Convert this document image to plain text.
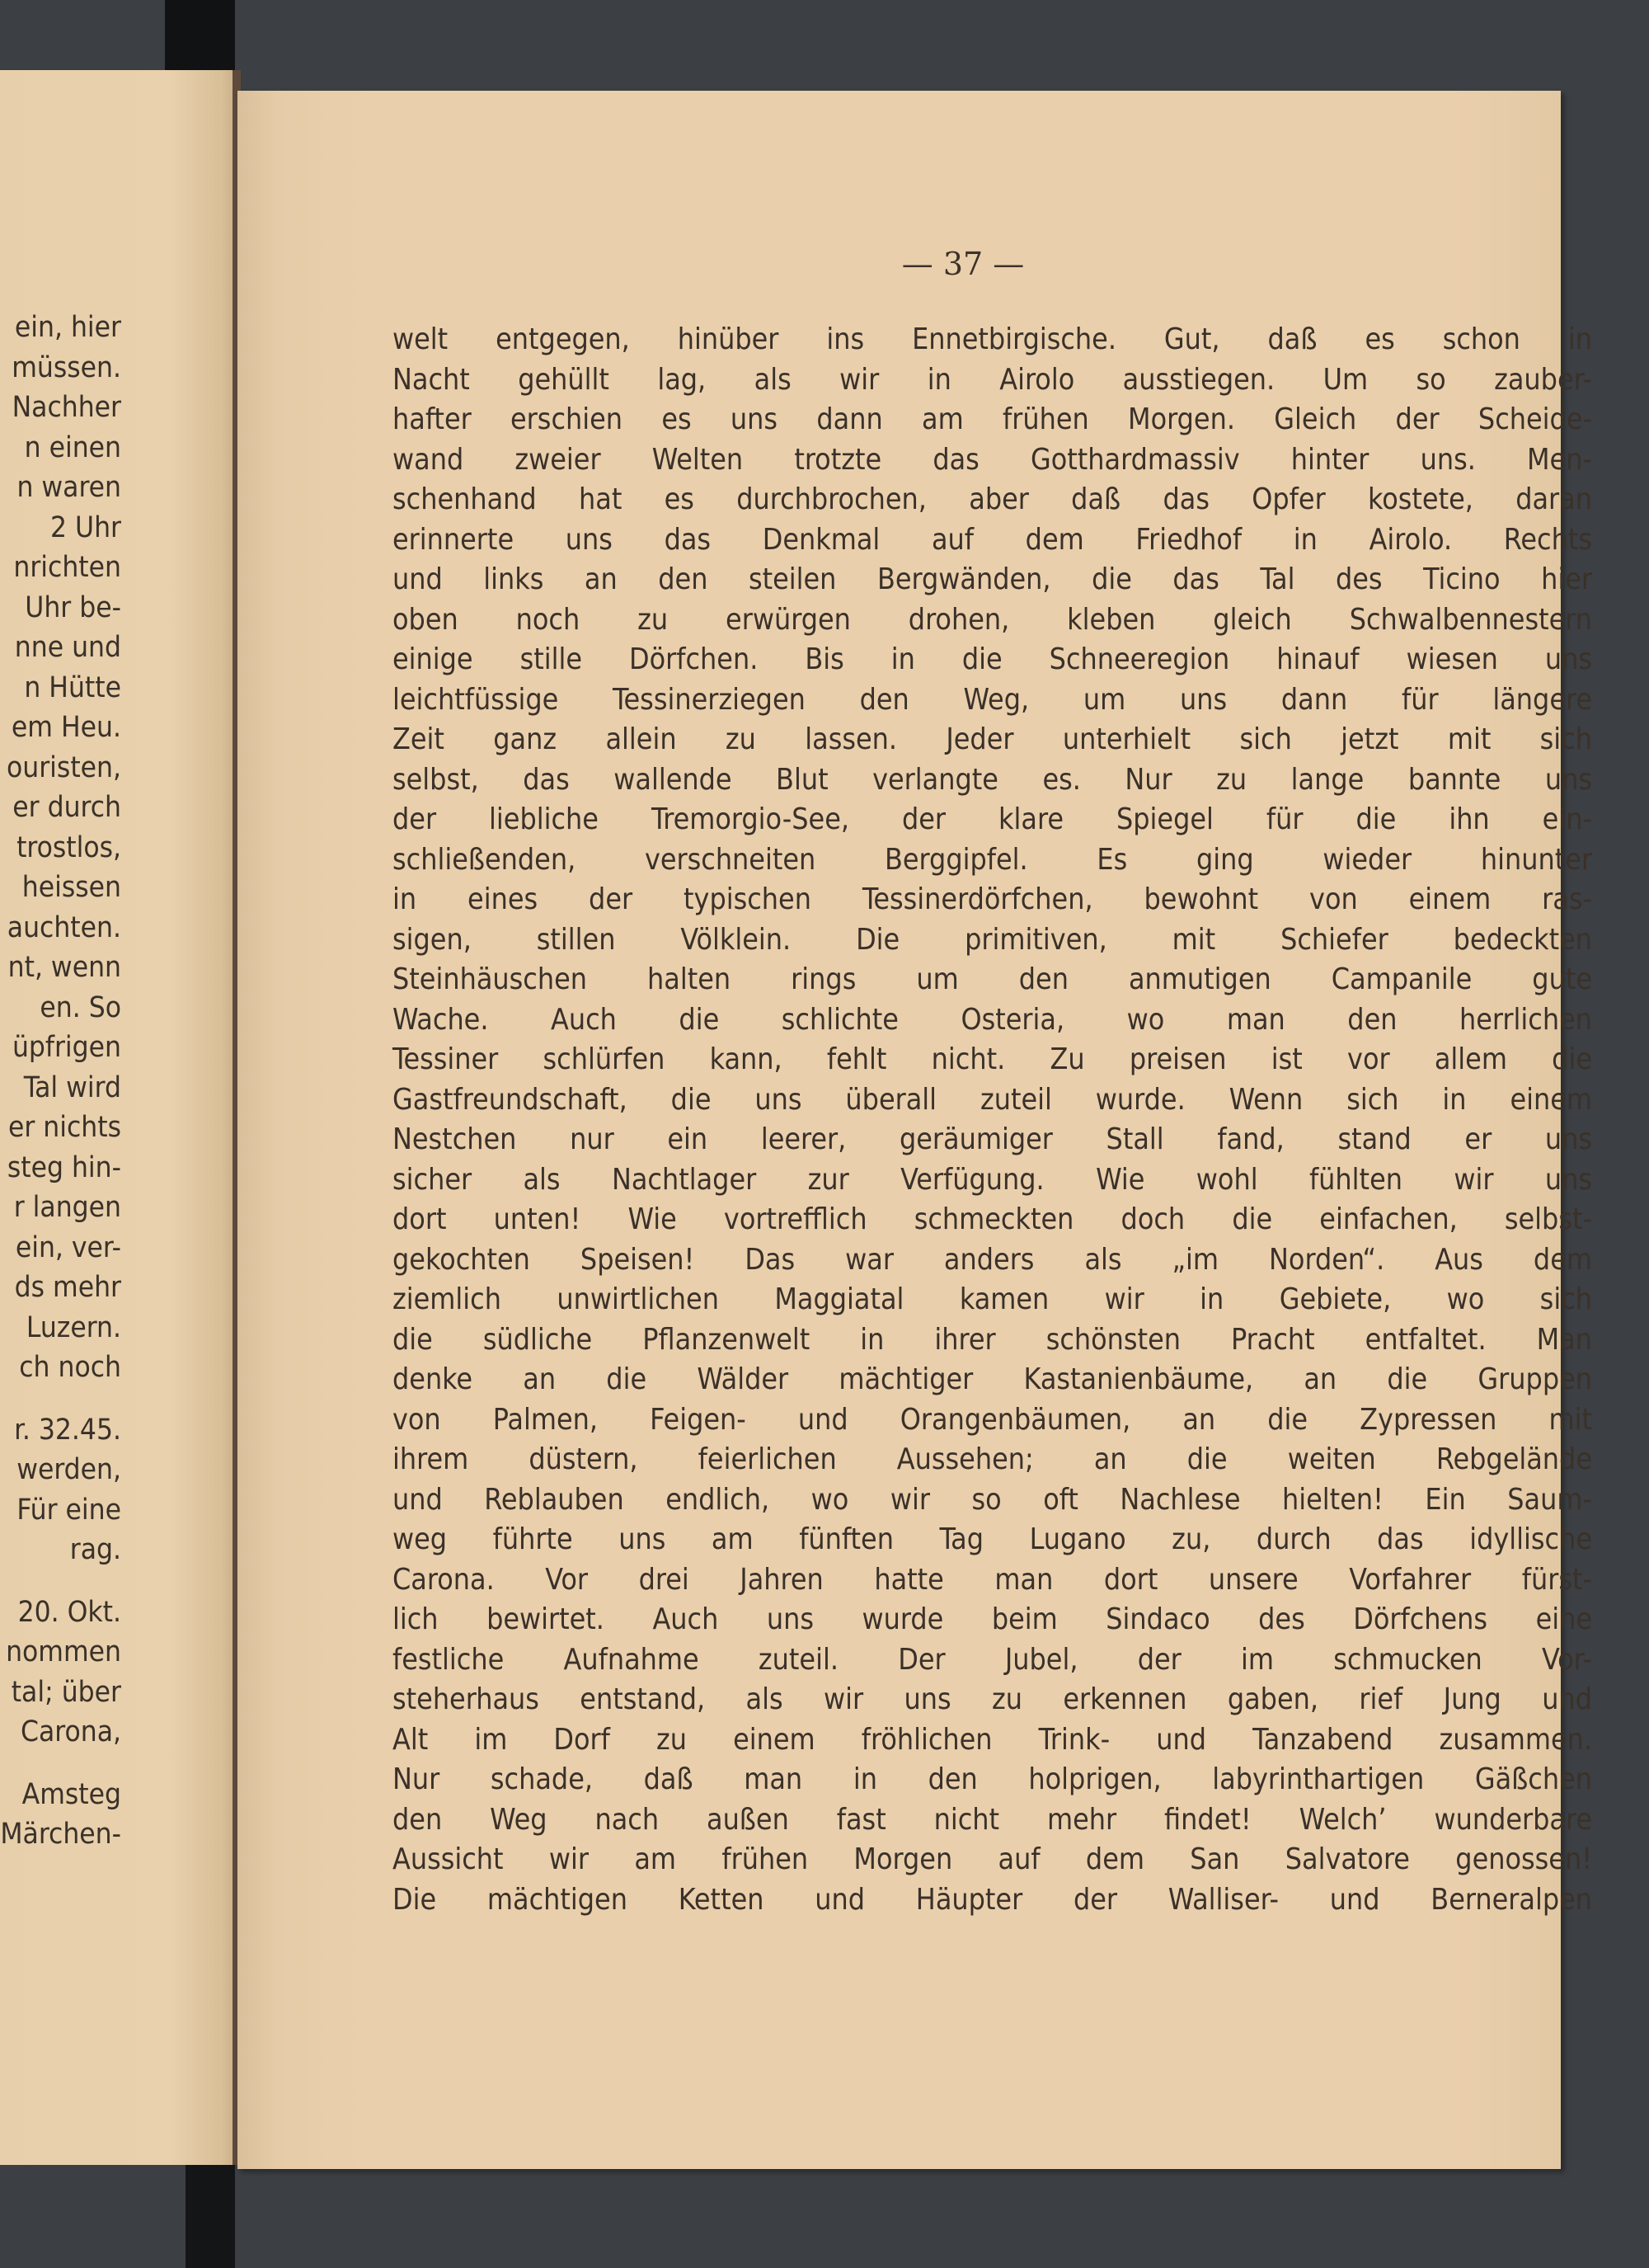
ein, hier
müssen.
Nachher
n einen
n waren
2 Uhr
nrichten
Uhr be-
nne und
n Hütte
em Heu.
ouristen,
er durch
trostlos,
heissen
auchten.
nt, wenn
en. So
üpfrigen
Tal wird
er nichts
steg hin-
r langen
ein, ver-
ds mehr
Luzern.
ch noch
r. 32.45.
werden,
Für eine
rag.
20. Okt.
nommen
tal; über
Carona,
Amsteg
Märchen-
— 37 —
welt entgegen, hinüber ins Ennetbirgische. Gut, daß es schon in
Nacht gehüllt lag, als wir in Airolo ausstiegen. Um so zauber-
hafter erschien es uns dann am frühen Morgen. Gleich der Scheide-
wand zweier Welten trotzte das Gotthardmassiv hinter uns. Men-
schenhand hat es durchbrochen, aber daß das Opfer kostete, daran
erinnerte uns das Denkmal auf dem Friedhof in Airolo. Rechts
und links an den steilen Bergwänden, die das Tal des Ticino hier
oben noch zu erwürgen drohen, kleben gleich Schwalbennestern
einige stille Dörfchen. Bis in die Schneeregion hinauf wiesen uns
leichtfüssige Tessinerziegen den Weg, um uns dann für längere
Zeit ganz allein zu lassen. Jeder unterhielt sich jetzt mit sich
selbst, das wallende Blut verlangte es. Nur zu lange bannte uns
der liebliche Tremorgio-See, der klare Spiegel für die ihn ein-
schließenden, verschneiten Berggipfel. Es ging wieder hinunter
in eines der typischen Tessinerdörfchen, bewohnt von einem ras-
sigen, stillen Völklein. Die primitiven, mit Schiefer bedeckten
Steinhäuschen halten rings um den anmutigen Campanile gute
Wache. Auch die schlichte Osteria, wo man den herrlichen
Tessiner schlürfen kann, fehlt nicht. Zu preisen ist vor allem die
Gastfreundschaft, die uns überall zuteil wurde. Wenn sich in einem
Nestchen nur ein leerer, geräumiger Stall fand, stand er uns
sicher als Nachtlager zur Verfügung. Wie wohl fühlten wir uns
dort unten! Wie vortrefflich schmeckten doch die einfachen, selbst-
gekochten Speisen! Das war anders als „im Norden“. Aus dem
ziemlich unwirtlichen Maggiatal kamen wir in Gebiete, wo sich
die südliche Pflanzenwelt in ihrer schönsten Pracht entfaltet. Man
denke an die Wälder mächtiger Kastanienbäume, an die Gruppen
von Palmen, Feigen- und Orangenbäumen, an die Zypressen mit
ihrem düstern, feierlichen Aussehen; an die weiten Rebgelände
und Reblauben endlich, wo wir so oft Nachlese hielten! Ein Saum-
weg führte uns am fünften Tag Lugano zu, durch das idyllische
Carona. Vor drei Jahren hatte man dort unsere Vorfahrer fürst-
lich bewirtet. Auch uns wurde beim Sindaco des Dörfchens eine
festliche Aufnahme zuteil. Der Jubel, der im schmucken Vor-
steherhaus entstand, als wir uns zu erkennen gaben, rief Jung und
Alt im Dorf zu einem fröhlichen Trink- und Tanzabend zusammen.
Nur schade, daß man in den holprigen, labyrinthartigen Gäßchen
den Weg nach außen fast nicht mehr findet! Welch’ wunderbare
Aussicht wir am frühen Morgen auf dem San Salvatore genossen!
Die mächtigen Ketten und Häupter der Walliser- und Berneralpen
